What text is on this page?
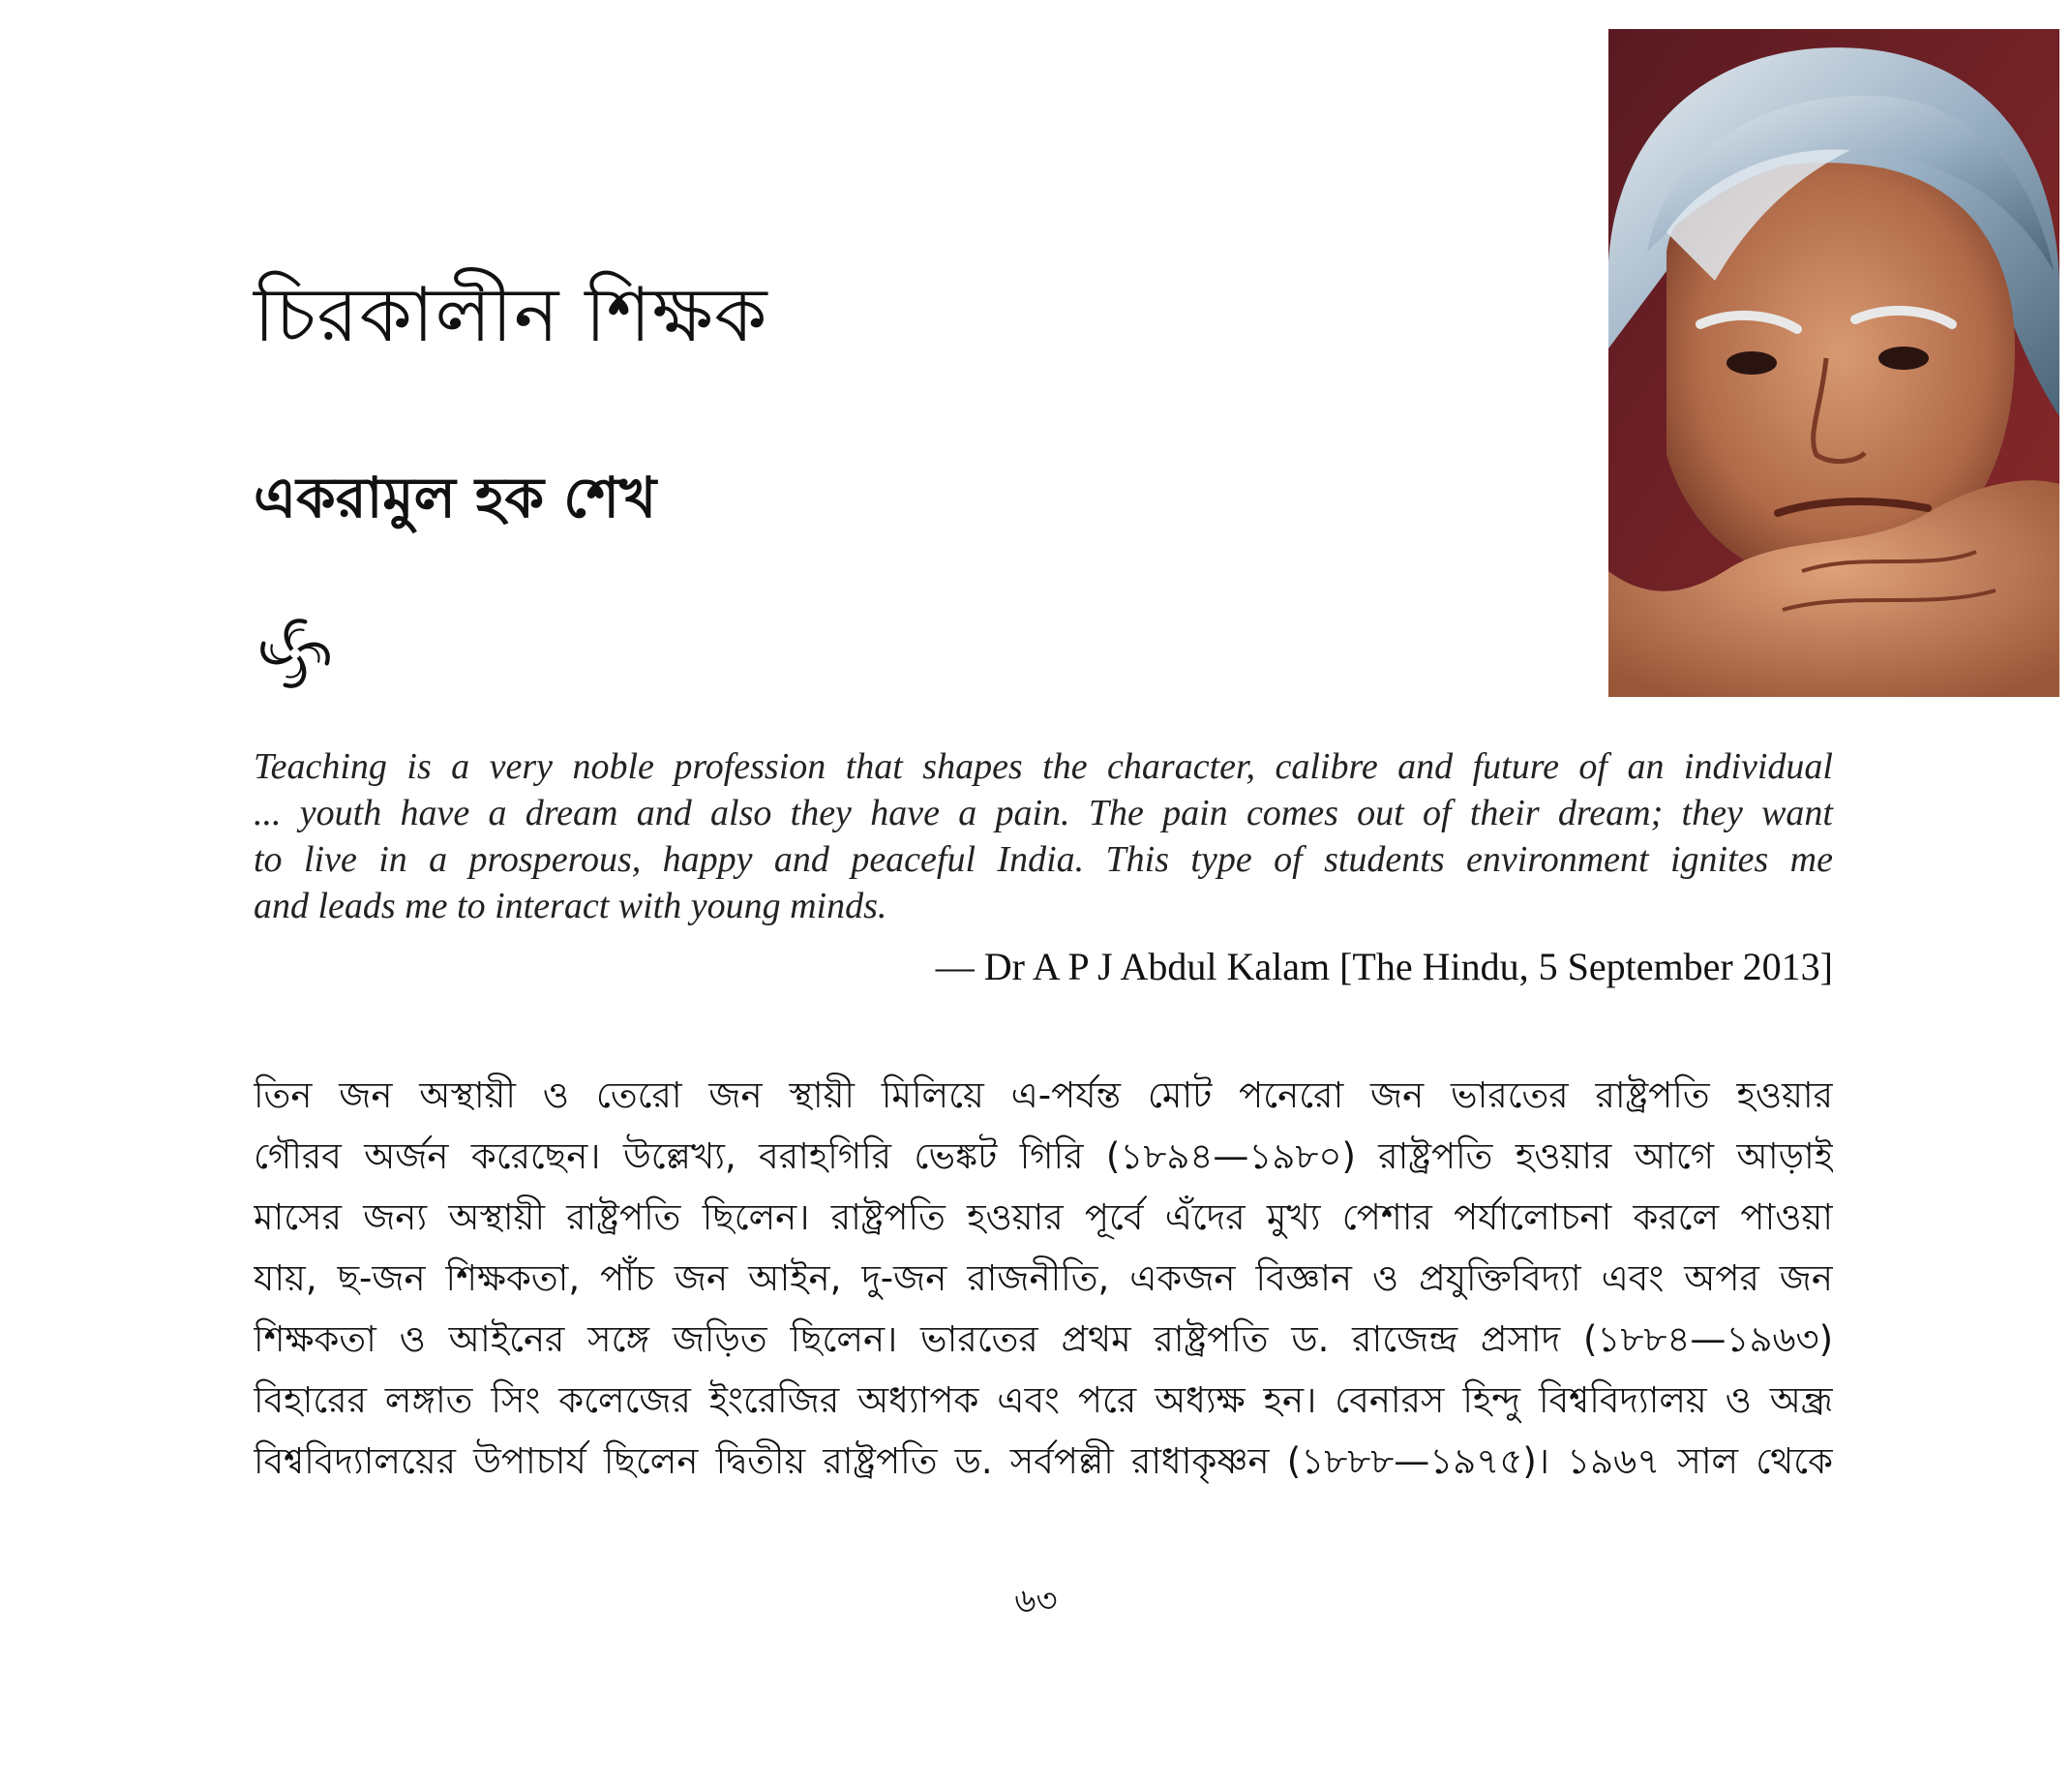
চিরকালীন শিক্ষক
একরামুল হক শেখ
Teaching is a very noble profession that shapes the character, calibre and future of an individual
... youth have a dream and also they have a pain. The pain comes out of their dream; they want
to live in a prosperous, happy and peaceful India. This type of students environment ignites me
and leads me to interact with young minds.
— Dr A P J Abdul Kalam [The Hindu, 5 September 2013]
তিন জন অস্থায়ী ও তেরো জন স্থায়ী মিলিয়ে এ-পর্যন্ত মোট পনেরো জন ভারতের রাষ্ট্রপতি হওয়ার
গৌরব অর্জন করেছেন। উল্লেখ্য, বরাহগিরি ভেঙ্কট গিরি (১৮৯৪—১৯৮০) রাষ্ট্রপতি হওয়ার আগে আড়াই
মাসের জন্য অস্থায়ী রাষ্ট্রপতি ছিলেন। রাষ্ট্রপতি হওয়ার পূর্বে এঁদের মুখ্য পেশার পর্যালোচনা করলে পাওয়া
যায়, ছ-জন শিক্ষকতা, পাঁচ জন আইন, দু-জন রাজনীতি, একজন বিজ্ঞান ও প্রযুক্তিবিদ্যা এবং অপর জন
শিক্ষকতা ও আইনের সঙ্গে জড়িত ছিলেন। ভারতের প্রথম রাষ্ট্রপতি ড. রাজেন্দ্র প্রসাদ (১৮৮৪—১৯৬৩)
বিহারের লঙ্গাত সিং কলেজের ইংরেজির অধ্যাপক এবং পরে অধ্যক্ষ হন। বেনারস হিন্দু বিশ্ববিদ্যালয় ও অন্ধ্র
বিশ্ববিদ্যালয়ের উপাচার্য ছিলেন দ্বিতীয় রাষ্ট্রপতি ড. সর্বপল্লী রাধাকৃষ্ণন (১৮৮৮—১৯৭৫)। ১৯৬৭ সাল থেকে
৬৩
